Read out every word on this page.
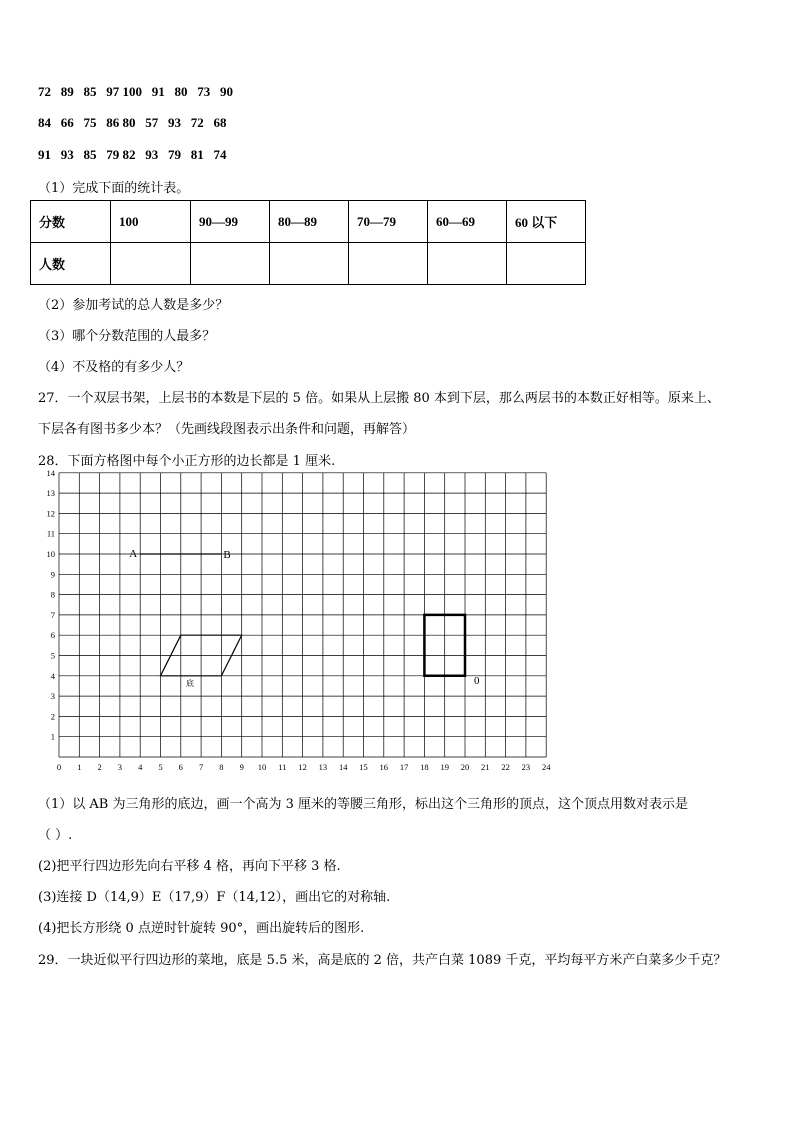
72   89   85   97 100   91   80   73   90
84   66   75   86 80   57   93   72   68
91   93   85   79 82   93   79   81   74
（1）完成下面的统计表。
分数	100	90—99	80—89	70—79	60—69	60 以下
人数						
（2）参加考试的总人数是多少？
（3）哪个分数范围的人最多？
（4）不及格的有多少人？
27．一个双层书架，上层书的本数是下层的 5 倍。如果从上层搬 80 本到下层，那么两层书的本数正好相等。原来上、
下层各有图书多少本？（先画线段图表示出条件和问题，再解答）
28．下面方格图中每个小正方形的边长都是 1 厘米.
0 1 2 3 4 5 6 7 8 9 10 11 12 13 14 15 16 17 18 19 20 21 22 23 24
1
2
3
4
5
6
7
8
9
10
11
12
13
14
A	B
底	0
（1）以 AB 为三角形的底边，画一个高为 3 厘米的等腰三角形，标出这个三角形的顶点，这个顶点用数对表示是
（ ）.
(2)把平行四边形先向右平移 4 格，再向下平移 3 格.
(3)连接 D（14,9）E（17,9）F（14,12），画出它的对称轴.
(4)把长方形绕 0 点逆时针旋转 90°，画出旋转后的图形.
29．一块近似平行四边形的菜地，底是 5.5 米，高是底的 2 倍，共产白菜 1089 千克，平均每平方米产白菜多少千克？
